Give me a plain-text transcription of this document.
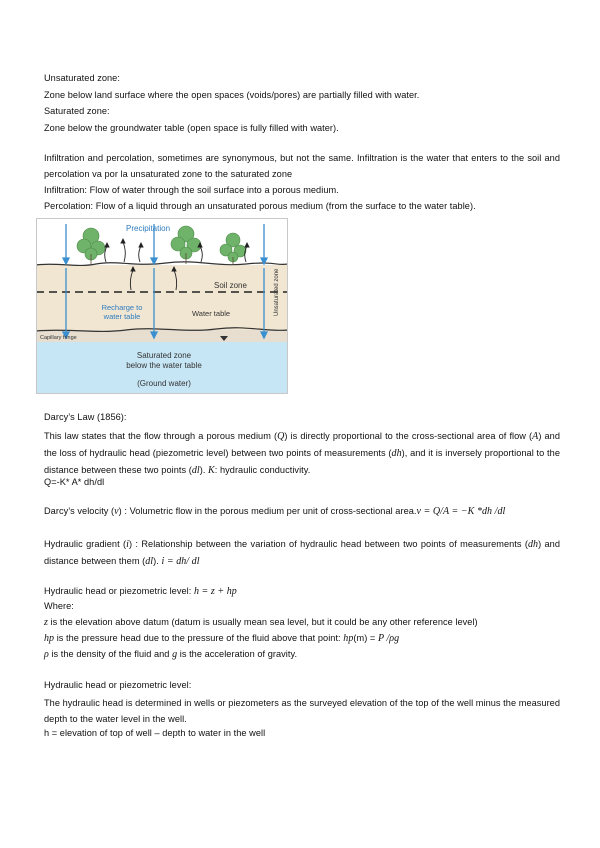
Unsaturated zone:
Zone below land surface where the open spaces (voids/pores) are partially filled with water.
Saturated zone:
Zone below the groundwater table (open space is fully filled with water).
Infiltration and percolation, sometimes are synonymous, but not the same. Infiltration is the water that enters to the soil and percolation va por la unsaturated zone to the saturated zone
Infiltration: Flow of water through the soil surface into a porous medium.
Percolation: Flow of a liquid through an unsaturated porous medium (from the surface to the water table).
Precipitation
Soil zone
Recharge to
water table	Water table
Capillary fringe
Saturated zone
below the water table
(Ground water)
Unsaturated zone
Darcy’s Law (1856):
This law states that the flow through a porous medium (Q) is directly proportional to the cross-sectional area of flow (A) and the loss of hydraulic head (piezometric level) between two points of measurements (dh), and it is inversely proportional to the distance between these two points (dl). K: hydraulic conductivity.
Q=-K* A* dh/dl
Darcy’s velocity (v) : Volumetric flow in the porous medium per unit of cross-sectional area.v = Q/A = −K *dh /dl
Hydraulic gradient (i) : Relationship between the variation of hydraulic head between two points of measurements (dh) and distance between them (dl). i = dh/ dl
Hydraulic head or piezometric level: h = z + hp
Where:
z is the elevation above datum (datum is usually mean sea level, but it could be any other reference level)
hp is the pressure head due to the pressure of the fluid above that point: hp(m) = P /ρg
ρ is the density of the fluid and g is the acceleration of gravity.
Hydraulic head or piezometric level:
The hydraulic head is determined in wells or piezometers as the surveyed elevation of the top of the well minus the measured depth to the water level in the well.
h = elevation of top of well – depth to water in the well
